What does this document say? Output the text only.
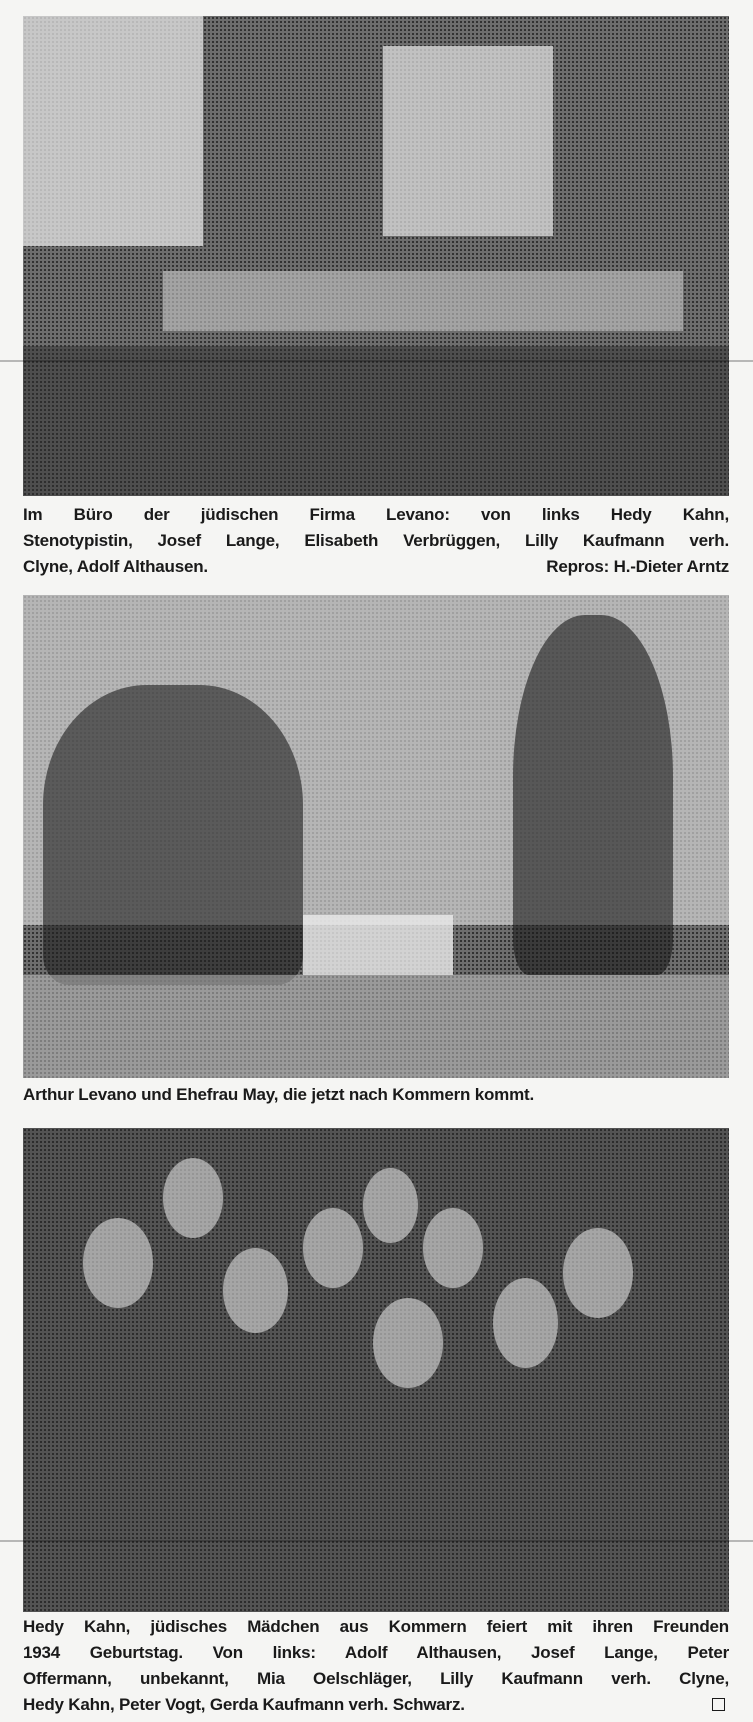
Im Büro der jüdischen Firma Levano: von links Hedy Kahn,
Stenotypistin, Josef Lange, Elisabeth Verbrüggen, Lilly Kaufmann verh.
Clyne, Adolf Althausen.	Repros: H.-Dieter Arntz
Arthur Levano und Ehefrau May, die jetzt nach Kommern kommt.
Hedy Kahn, jüdisches Mädchen aus Kommern feiert mit ihren Freunden
1934 Geburtstag. Von links: Adolf Althausen, Josef Lange, Peter
Offermann, unbekannt, Mia Oelschläger, Lilly Kaufmann verh. Clyne,
Hedy Kahn, Peter Vogt, Gerda Kaufmann verh. Schwarz.
